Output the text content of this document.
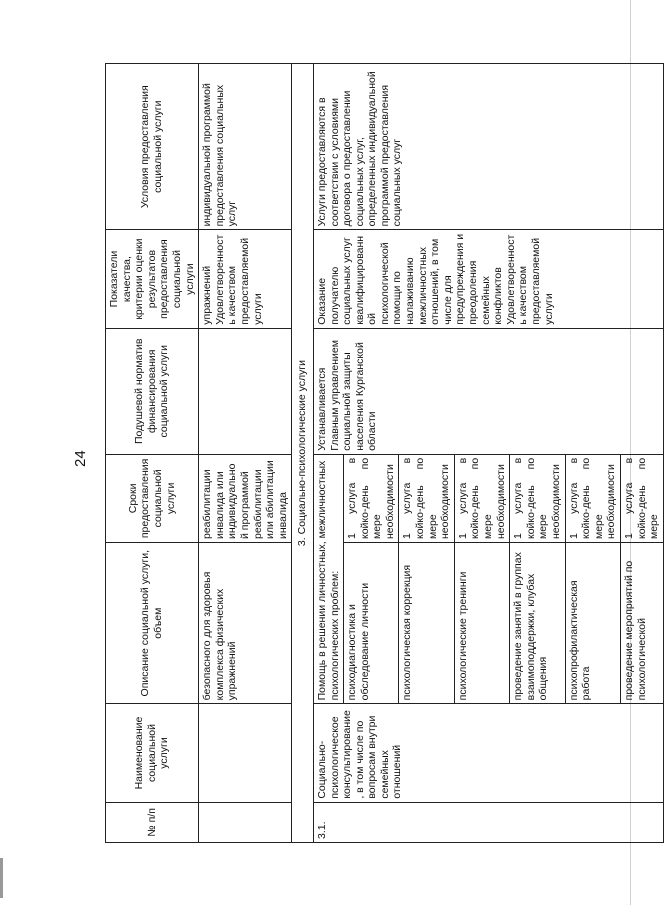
24
№ п/п	Наименование социальной услуги	Описание социальной услуги, объем	Сроки предоставления социальной услуги	Подушевой норматив финансирования социальной услуги	Показатели качества, критерии оценки результатов предоставления социальной услуги	Условия предоставления социальной услуги
		безопасного для здоровья комплекса физических упражнений	реабилитации инвалида или индивидуальной программой реабилитации или абилитации инвалида		упражнений Удовлетворенность качеством предоставляемой услуги	индивидуальной программой предоставления социальных услуг
3. Социально-психологические услуги						
3.1.	Социально-психологическое консультирование, в том числе по вопросам внутри семейных отношений	Помощь в решении личностных, межличностных психологических проблем:		Устанавливается Главным управлением социальной защиты населения Курганской области	Оказание получателю социальных услуг квалифицированной психологической помощи по налаживанию межличностных отношений, в том числе для предупреждения и преодоления семейных конфликтов Удовлетворенность качеством предоставляемой услуги	Услуги предоставляются в соответствии с условиями договора о предоставлении социальных услуг, определенных индивидуальной программой предоставления социальных услуг
		психодиагностика и обследование личности	1 услуга в койко-день по мере необходимости			
		психологическая коррекция	1 услуга в койко-день по мере необходимости			
		психологические тренинги	1 услуга в койко-день по мере необходимости			
		проведение занятий в группах взаимоподдержки, клубах общения	1 услуга в койко-день по мере необходимости			
		психопрофилактическая работа	1 услуга в койко-день по мере необходимости			
		проведение мероприятий по психологической	1 услуга в койко-день по мере			
